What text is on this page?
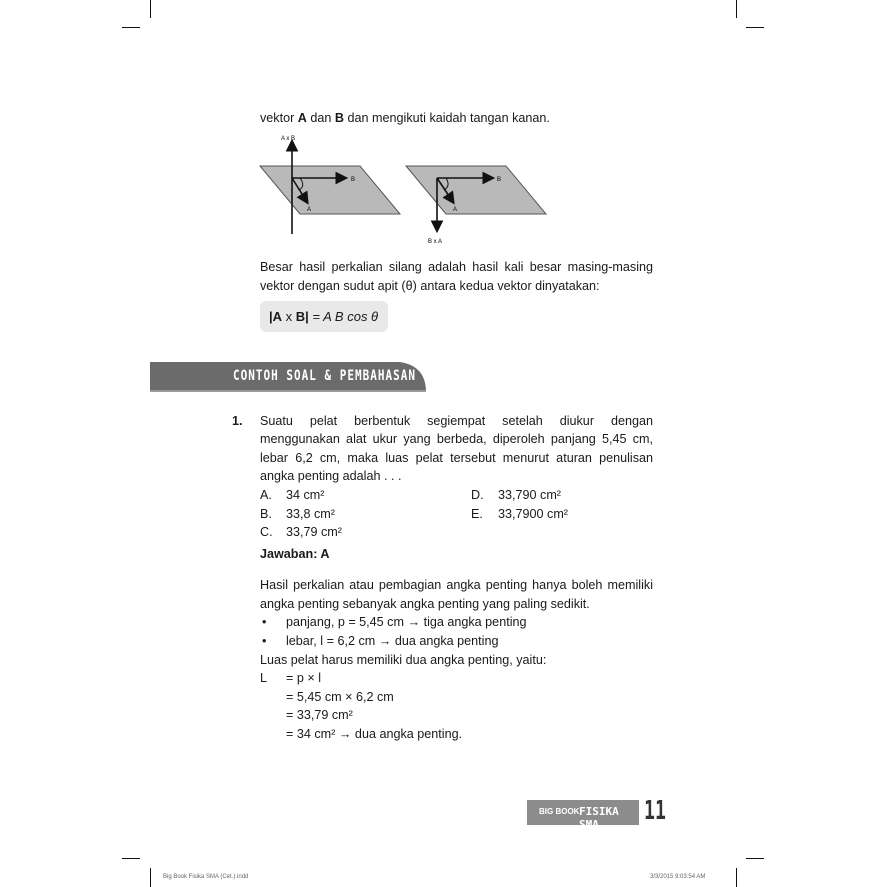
vektor A dan B dan mengikuti kaidah tangan kanan.

A x B
B
A
B
A
B x A

Besar hasil perkalian silang adalah hasil kali besar masing-masing

vektor dengan sudut apit (θ) antara kedua vektor dinyatakan:

|A x B| = A B cos θ
CONTOH SOAL & PEMBAHASAN

1. Suatu pelat berbentuk segiempat setelah diukur dengan

menggunakan alat ukur yang berbeda, diperoleh panjang 5,45 cm,

lebar 6,2 cm, maka luas pelat tersebut menurut aturan penulisan

angka penting adalah . . .

A. 34 cm²
B. 33,8 cm²
C. 33,79 cm²
D. 33,790 cm²
E. 33,7900 cm²

Jawaban: A

Hasil perkalian atau pembagian angka penting hanya boleh memiliki

angka penting sebanyak angka penting yang paling sedikit.

• panjang, p = 5,45 cm → tiga angka penting

• lebar, l = 6,2 cm → dua angka penting

Luas pelat harus memiliki dua angka penting, yaitu:

L = p × l

= 5,45 cm × 6,2 cm

= 33,79 cm²

= 34 cm² → dua angka penting.

BIG BOOK FISIKA SMA	11
Big Book Fisika SMA (Cet.).indd	3/3/2015 9:03:54 AM
